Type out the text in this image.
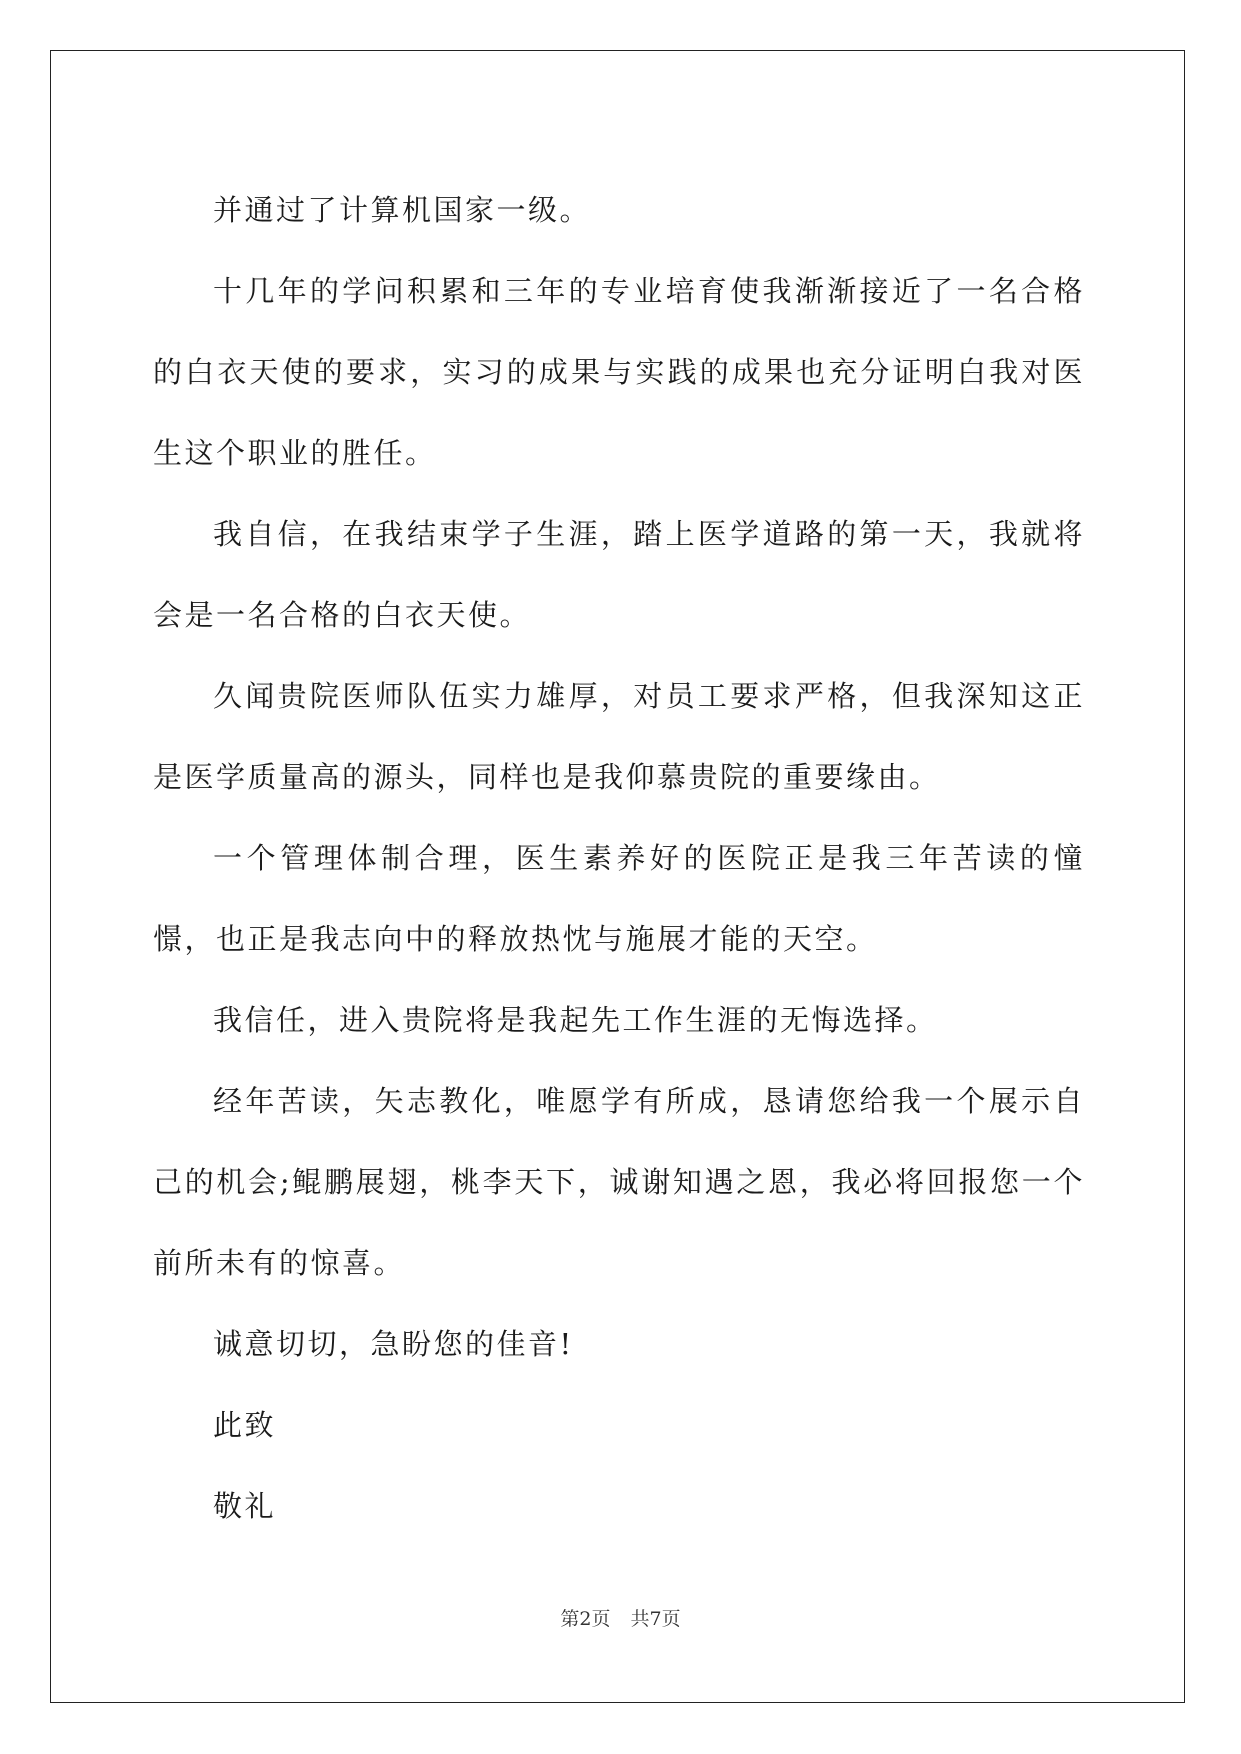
并通过了计算机国家一级。

十几年的学问积累和三年的专业培育使我渐渐接近了一名合格的白衣天使的要求，实习的成果与实践的成果也充分证明白我对医生这个职业的胜任。

我自信，在我结束学子生涯，踏上医学道路的第一天，我就将会是一名合格的白衣天使。

久闻贵院医师队伍实力雄厚，对员工要求严格，但我深知这正是医学质量高的源头，同样也是我仰慕贵院的重要缘由。

一个管理体制合理，医生素养好的医院正是我三年苦读的憧憬，也正是我志向中的释放热忱与施展才能的天空。

我信任，进入贵院将是我起先工作生涯的无悔选择。

经年苦读，矢志教化，唯愿学有所成，恳请您给我一个展示自己的机会;鲲鹏展翅，桃李天下，诚谢知遇之恩，我必将回报您一个前所未有的惊喜。

诚意切切，急盼您的佳音!

此致

敬礼

第2页 共7页
